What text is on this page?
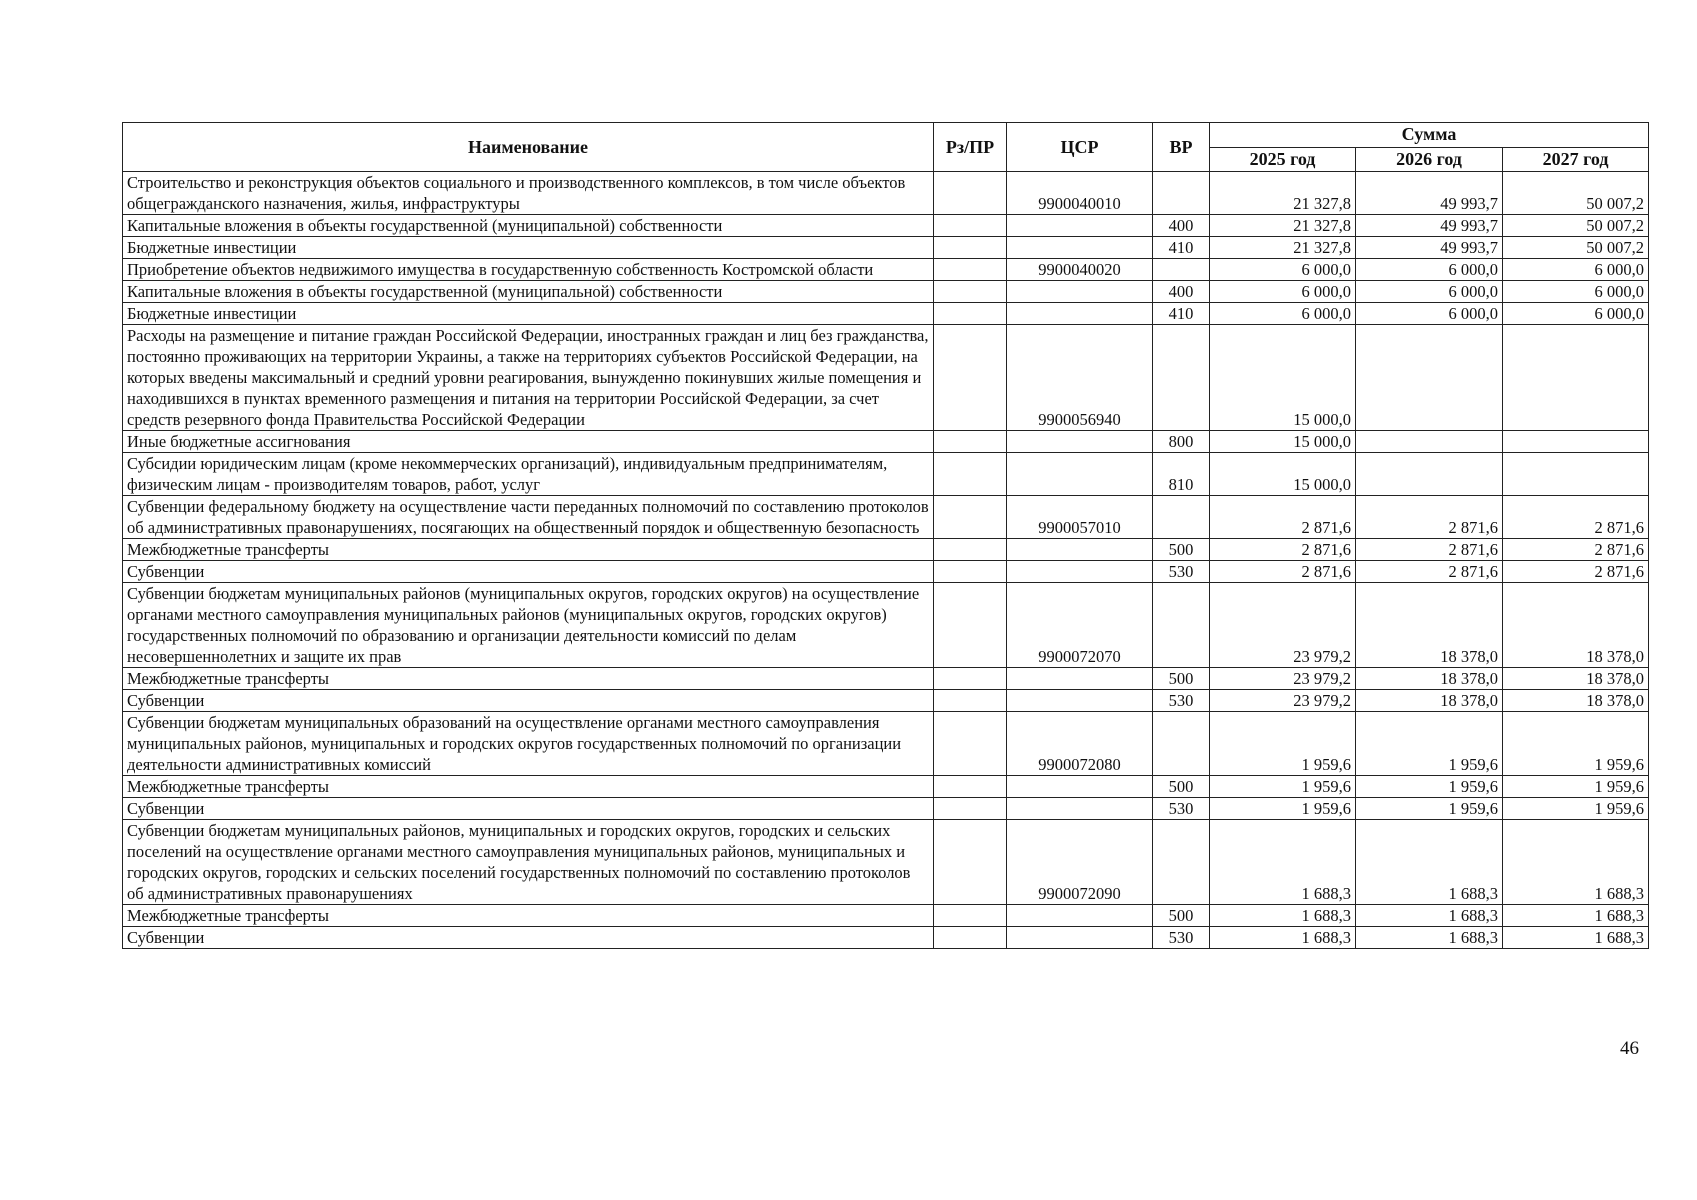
Наименование	Рз/ПР	ЦСР	ВР	Сумма		
				2025 год	2026 год	2027 год
Строительство и реконструкция объектов социального и производственного комплексов, в том числе объектов общегражданского назначения, жилья, инфраструктуры		9900040010		21 327,8	49 993,7	50 007,2
Капитальные вложения в объекты государственной (муниципальной) собственности			400	21 327,8	49 993,7	50 007,2
Бюджетные инвестиции			410	21 327,8	49 993,7	50 007,2
Приобретение объектов недвижимого имущества в государственную собственность Костромской области		9900040020		6 000,0	6 000,0	6 000,0
Капитальные вложения в объекты государственной (муниципальной) собственности			400	6 000,0	6 000,0	6 000,0
Бюджетные инвестиции			410	6 000,0	6 000,0	6 000,0
Расходы на размещение и питание граждан Российской Федерации, иностранных граждан и лиц без гражданства, постоянно проживающих на территории Украины, а также на территориях субъектов Российской Федерации, на которых введены максимальный и средний уровни реагирования, вынужденно покинувших жилые помещения и находившихся в пунктах временного размещения и питания на территории Российской Федерации, за счет средств резервного фонда Правительства Российской Федерации		9900056940		15 000,0		
Иные бюджетные ассигнования			800	15 000,0		
Субсидии юридическим лицам (кроме некоммерческих организаций), индивидуальным предпринимателям, физическим лицам - производителям товаров, работ, услуг			810	15 000,0		
Субвенции федеральному бюджету на осуществление части переданных полномочий по составлению протоколов об административных правонарушениях, посягающих на общественный порядок и общественную безопасность		9900057010		2 871,6	2 871,6	2 871,6
Межбюджетные трансферты			500	2 871,6	2 871,6	2 871,6
Субвенции			530	2 871,6	2 871,6	2 871,6
Субвенции бюджетам муниципальных районов (муниципальных округов, городских округов) на осуществление органами местного самоуправления муниципальных районов (муниципальных округов, городских округов) государственных полномочий по образованию и организации деятельности комиссий по делам несовершеннолетних и защите их прав		9900072070		23 979,2	18 378,0	18 378,0
Межбюджетные трансферты			500	23 979,2	18 378,0	18 378,0
Субвенции			530	23 979,2	18 378,0	18 378,0
Субвенции бюджетам муниципальных образований на осуществление органами местного самоуправления муниципальных районов, муниципальных и городских округов государственных полномочий по организации деятельности административных комиссий		9900072080		1 959,6	1 959,6	1 959,6
Межбюджетные трансферты			500	1 959,6	1 959,6	1 959,6
Субвенции			530	1 959,6	1 959,6	1 959,6
Субвенции бюджетам муниципальных районов, муниципальных и городских округов, городских и сельских поселений на осуществление органами местного самоуправления муниципальных районов, муниципальных и городских округов, городских и сельских поселений государственных полномочий по составлению протоколов об административных правонарушениях		9900072090		1 688,3	1 688,3	1 688,3
Межбюджетные трансферты			500	1 688,3	1 688,3	1 688,3
Субвенции			530	1 688,3	1 688,3	1 688,3
46
